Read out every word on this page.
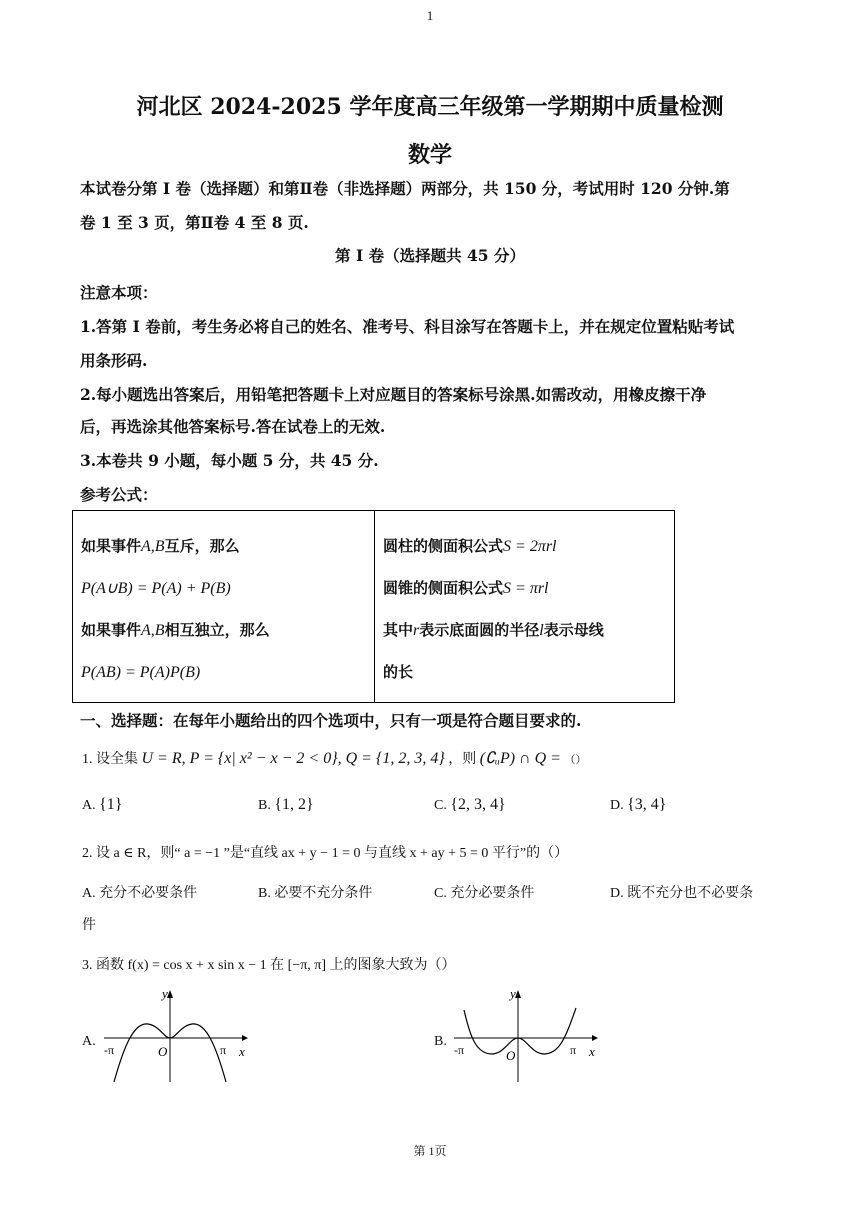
1
河北区 2024-2025 学年度高三年级第一学期期中质量检测
数学
本试卷分第 I 卷（选择题）和第Ⅱ卷（非选择题）两部分，共 150 分，考试用时 120 分钟.第
卷 1 至 3 页，第Ⅱ卷 4 至 8 页.
第 I 卷（选择题共 45 分）
注意本项：
1.答第 I 卷前，考生务必将自己的姓名、准考号、科目涂写在答题卡上，并在规定位置粘贴考试
用条形码.
2.每小题选出答案后，用铅笔把答题卡上对应题目的答案标号涂黑.如需改动，用橡皮擦干净
后，再选涂其他答案标号.答在试卷上的无效.
3.本卷共 9 小题，每小题 5 分，共 45 分.
参考公式：
如果事件A,B互斥，那么
P(A∪B) = P(A) + P(B)
如果事件A,B相互独立，那么
P(AB) = P(A)P(B)

圆柱的侧面积公式S = 2πrl
圆锥的侧面积公式S = πrl
其中r表示底面圆的半径l表示母线
的长
一、选择题：在每年小题给出的四个选项中，只有一项是符合题目要求的.
1. 设全集 U = R, P = {x| x² − x − 2 < 0}, Q = {1, 2, 3, 4} ，则 (∁ᵤP) ∩ Q = （）
A. {1}	B. {1, 2}	C. {2, 3, 4}	D. {3, 4}
2. 设 a ∈ R，则“ a = −1 ”是“直线 ax + y − 1 = 0 与直线 x + ay + 5 = 0 平行”的（）
A. 充分不必要条件	B. 必要不充分条件	C. 充分必要条件	D. 既不充分也不必要条
件
3. 函数 f(x) = cos x + x sin x − 1 在 [−π, π] 上的图象大致为（）
A.
y
x
O
-π	π
B.
y
x
O
-π	π
第 1页
